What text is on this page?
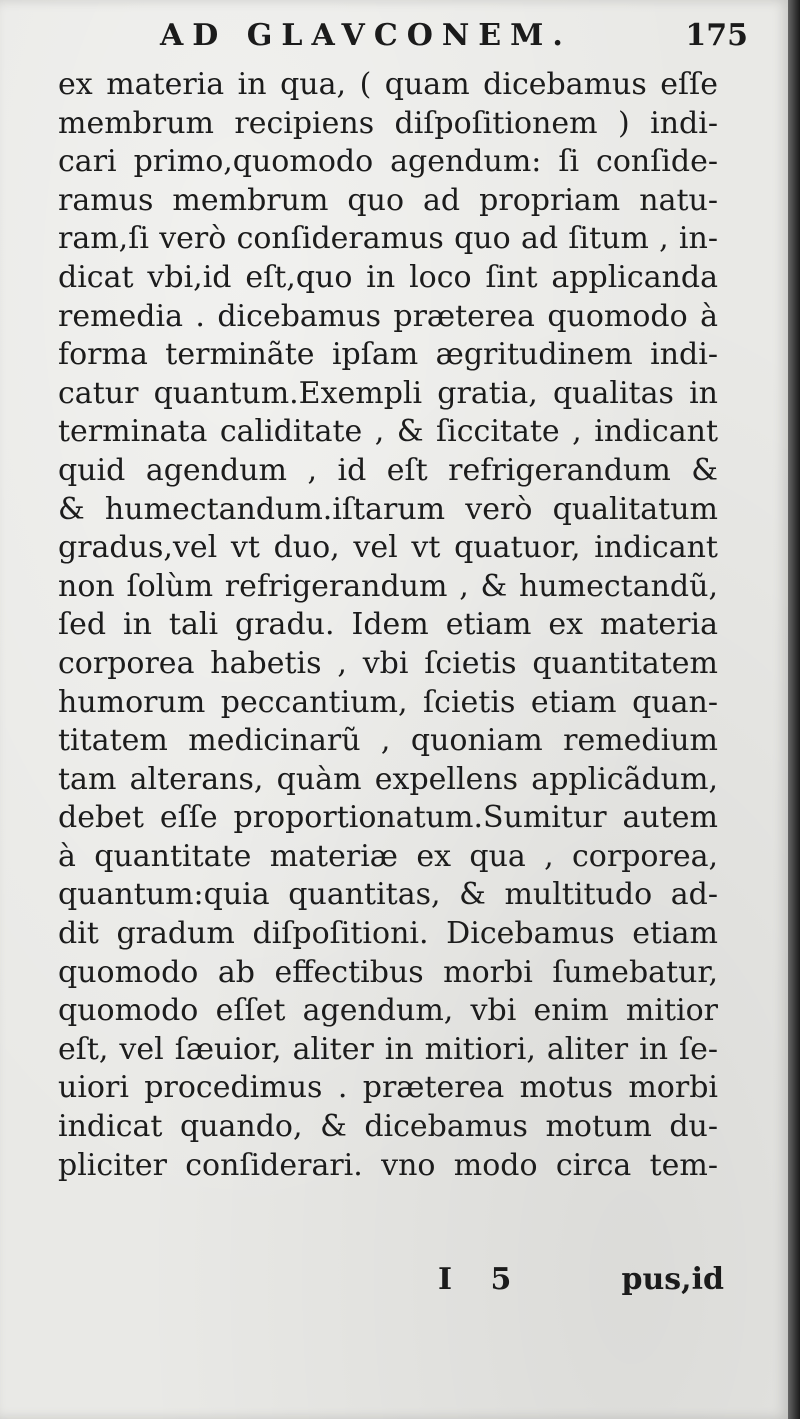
AD GLAVCONEM.	175
ex materia in qua, ( quam dicebamus eſſe
membrum recipiens diſpoſitionem ) indi-
cari primo,quomodo agendum: ſi conſide-
ramus membrum quo ad propriam natu-
ram,ſi verò conſideramus quo ad ſitum , in-
dicat vbi,id eſt,quo in loco ſint applicanda
remedia . dicebamus præterea quomodo à
forma terminãte ipſam ægritudinem indi-
catur quantum.Exempli gratia, qualitas in
terminata caliditate , & ſiccitate , indicant
quid agendum , id eſt refrigerandum &
& humectandum.iſtarum verò qualitatum
gradus,vel vt duo, vel vt quatuor, indicant
non ſolùm refrigerandum , & humectandũ,
ſed in tali gradu. Idem etiam ex materia
corporea habetis , vbi ſcietis quantitatem
humorum peccantium, ſcietis etiam quan-
titatem medicinarũ , quoniam remedium
tam alterans, quàm expellens applicãdum,
debet eſſe proportionatum.Sumitur autem
à quantitate materiæ ex qua , corporea,
quantum:quia quantitas, & multitudo ad-
dit gradum diſpoſitioni. Dicebamus etiam
quomodo ab effectibus morbi ſumebatur,
quomodo eſſet agendum, vbi enim mitior
eſt, vel ſæuior, aliter in mitiori, aliter in ſe-
uiori procedimus . præterea motus morbi
indicat quando, & dicebamus motum du-
pliciter conſiderari. vno modo circa tem-
I 5	pus,id
